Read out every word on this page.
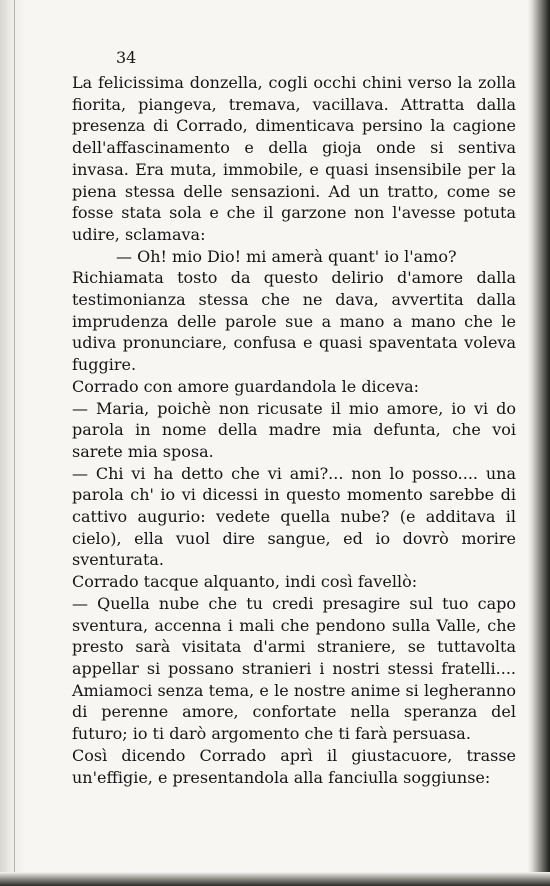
34

La felicissima donzella, cogli occhi chini verso la zolla fiorita, piangeva, tremava, vacillava. Attratta dalla presenza di Corrado, dimenticava persino la cagione dell'affascinamento e della gioja onde si sentiva invasa. Era muta, immobile, e quasi insensibile per la piena stessa delle sensazioni. Ad un tratto, come se fosse stata sola e che il garzone non l'avesse potuta udire, sclamava:

— Oh! mio Dio! mi amerà quant' io l'amo?

Richiamata tosto da questo delirio d'amore dalla testimonianza stessa che ne dava, avvertita dalla imprudenza delle parole sue a mano a mano che le udiva pronunciare, confusa e quasi spaventata voleva fuggire.

Corrado con amore guardandola le diceva:

— Maria, poichè non ricusate il mio amore, io vi do parola in nome della madre mia defunta, che voi sarete mia sposa.

— Chi vi ha detto che vi ami?... non lo posso.... una parola ch' io vi dicessi in questo momento sarebbe di cattivo augurio: vedete quella nube? (e additava il cielo), ella vuol dire sangue, ed io dovrò morire sventurata.

Corrado tacque alquanto, indi così favellò:

— Quella nube che tu credi presagire sul tuo capo sventura, accenna i mali che pendono sulla Valle, che presto sarà visitata d'armi straniere, se tuttavolta appellar si possano stranieri i nostri stessi fratelli.... Amiamoci senza tema, e le nostre anime si legheranno di perenne amore, confortate nella speranza del futuro; io ti darò argomento che ti farà persuasa.

Così dicendo Corrado aprì il giustacuore, trasse un'effigie, e presentandola alla fanciulla soggiunse:
